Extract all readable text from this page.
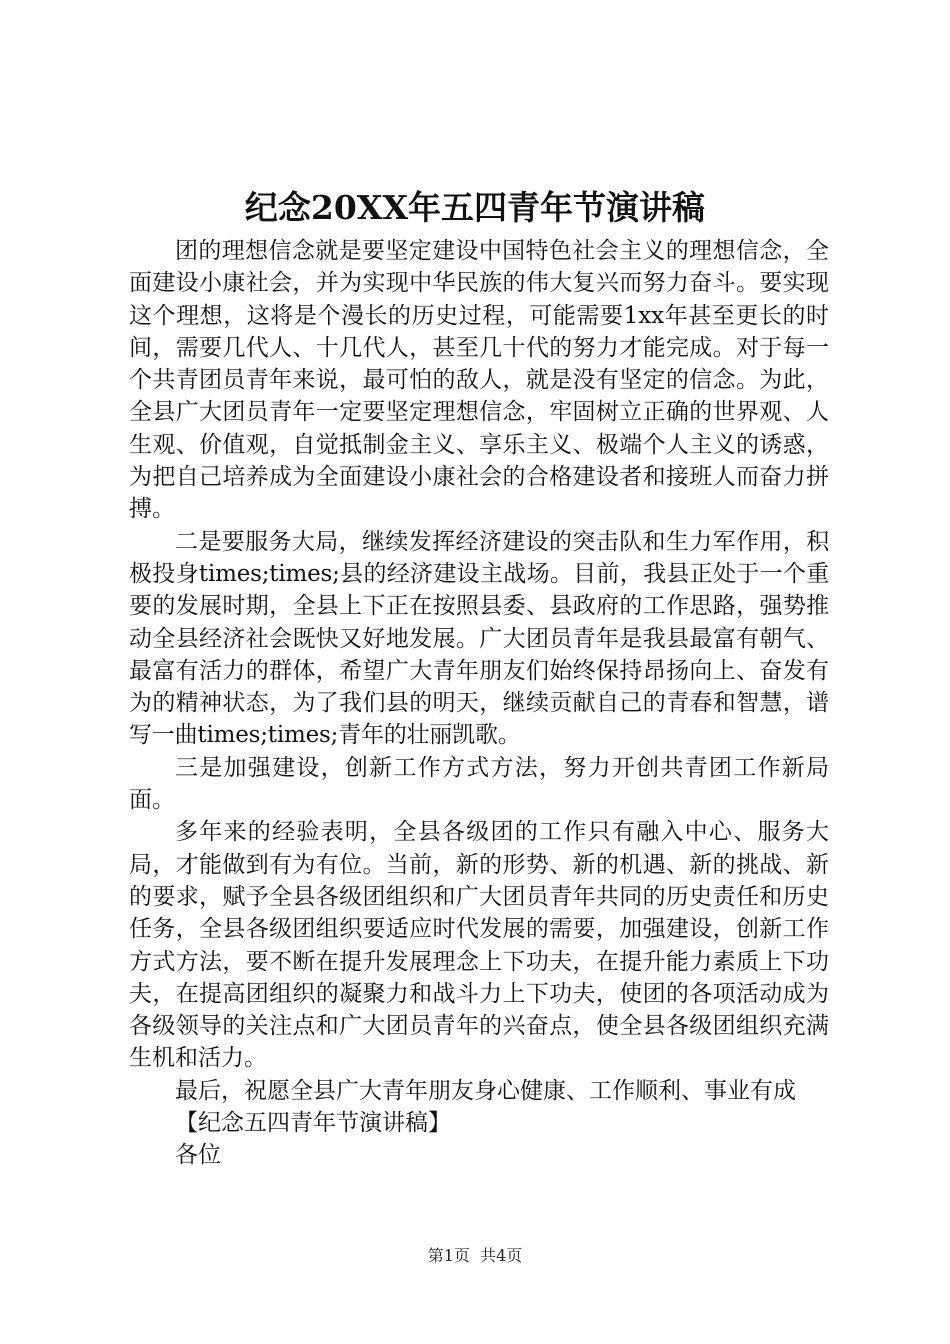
纪念20XX年五四青年节演讲稿

团的理想信念就是要坚定建设中国特色社会主义的理想信念，全面建设小康社会，并为实现中华民族的伟大复兴而努力奋斗。要实现这个理想，这将是个漫长的历史过程，可能需要1xx年甚至更长的时间，需要几代人、十几代人，甚至几十代的努力才能完成。对于每一个共青团员青年来说，最可怕的敌人，就是没有坚定的信念。为此，全县广大团员青年一定要坚定理想信念，牢固树立正确的世界观、人生观、价值观，自觉抵制金主义、享乐主义、极端个人主义的诱惑，为把自己培养成为全面建设小康社会的合格建设者和接班人而奋力拼搏。

二是要服务大局，继续发挥经济建设的突击队和生力军作用，积极投身times;times;县的经济建设主战场。目前，我县正处于一个重要的发展时期，全县上下正在按照县委、县政府的工作思路，强势推动全县经济社会既快又好地发展。广大团员青年是我县最富有朝气、最富有活力的群体，希望广大青年朋友们始终保持昂扬向上、奋发有为的精神状态，为了我们县的明天，继续贡献自己的青春和智慧，谱写一曲times;times;青年的壮丽凯歌。

三是加强建设，创新工作方式方法，努力开创共青团工作新局面。

多年来的经验表明，全县各级团的工作只有融入中心、服务大局，才能做到有为有位。当前，新的形势、新的机遇、新的挑战、新的要求，赋予全县各级团组织和广大团员青年共同的历史责任和历史任务，全县各级团组织要适应时代发展的需要，加强建设，创新工作方式方法，要不断在提升发展理念上下功夫，在提升能力素质上下功夫，在提高团组织的凝聚力和战斗力上下功夫，使团的各项活动成为各级领导的关注点和广大团员青年的兴奋点，使全县各级团组织充满生机和活力。

最后，祝愿全县广大青年朋友身心健康、工作顺利、事业有成

【纪念五四青年节演讲稿】

各位

第1页 共4页
